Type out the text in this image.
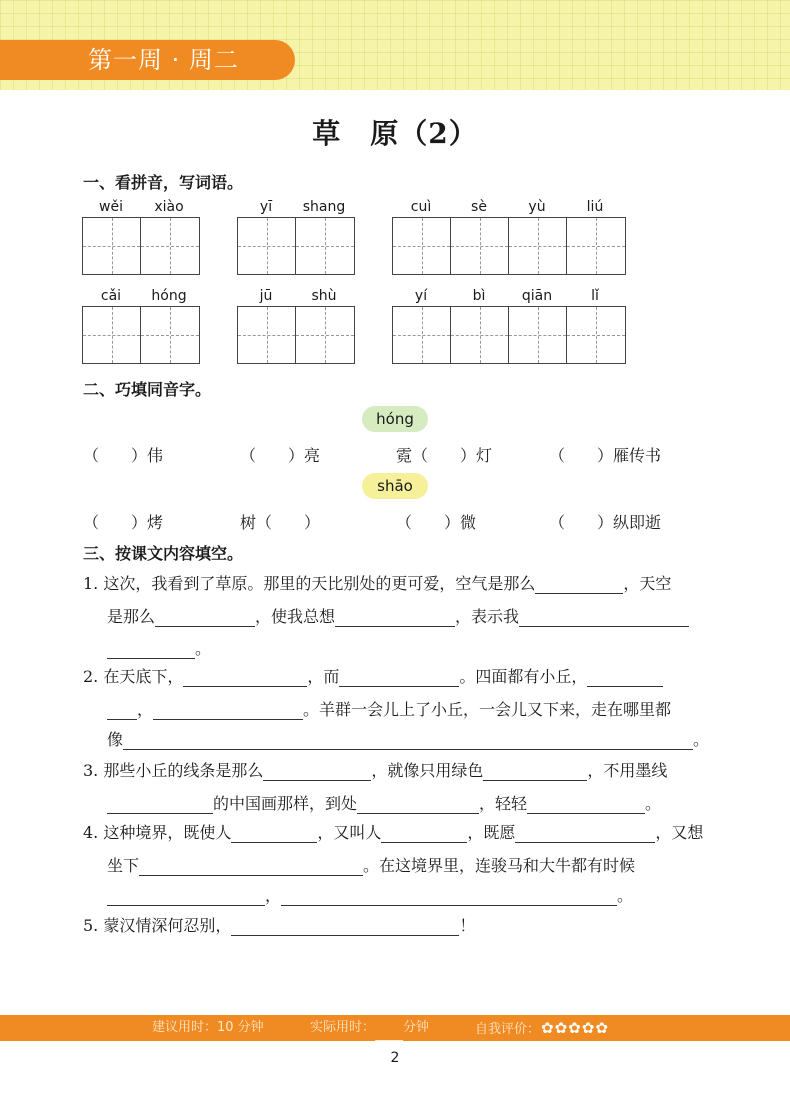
第一周 · 周二
草　原（2）
一、看拼音，写词语。
wěi	xiào	yī	shang	cuì	sè	yù	liú
cǎi	hóng	jū	shù	yí	bì	qiān	lǐ
二、巧填同音字。
hóng
（　　）伟	（　　）亮	霓（　　）灯	（　　）雁传书
shāo
（　　）烤	树（　　）	（　　）微	（　　）纵即逝
三、按课文内容填空。
1. 这次，我看到了草原。那里的天比别处的更可爱，空气是那么	，天空
是那么	，使我总想	，表示我
。
2. 在天底下，	，而	。四面都有小丘，
，	。羊群一会儿上了小丘，一会儿又下来，走在哪里都
像	。
3. 那些小丘的线条是那么	，就像只用绿色	，不用墨线
的中国画那样，到处	，轻轻	。
4. 这种境界，既使人	，又叫人	，既愿	，又想
坐下	。在这境界里，连骏马和大牛都有时候
，	。
5. 蒙汉情深何忍别，	！
建议用时：10 分钟	实际用时： 分钟	自我评价：✿✿✿✿✿
2
